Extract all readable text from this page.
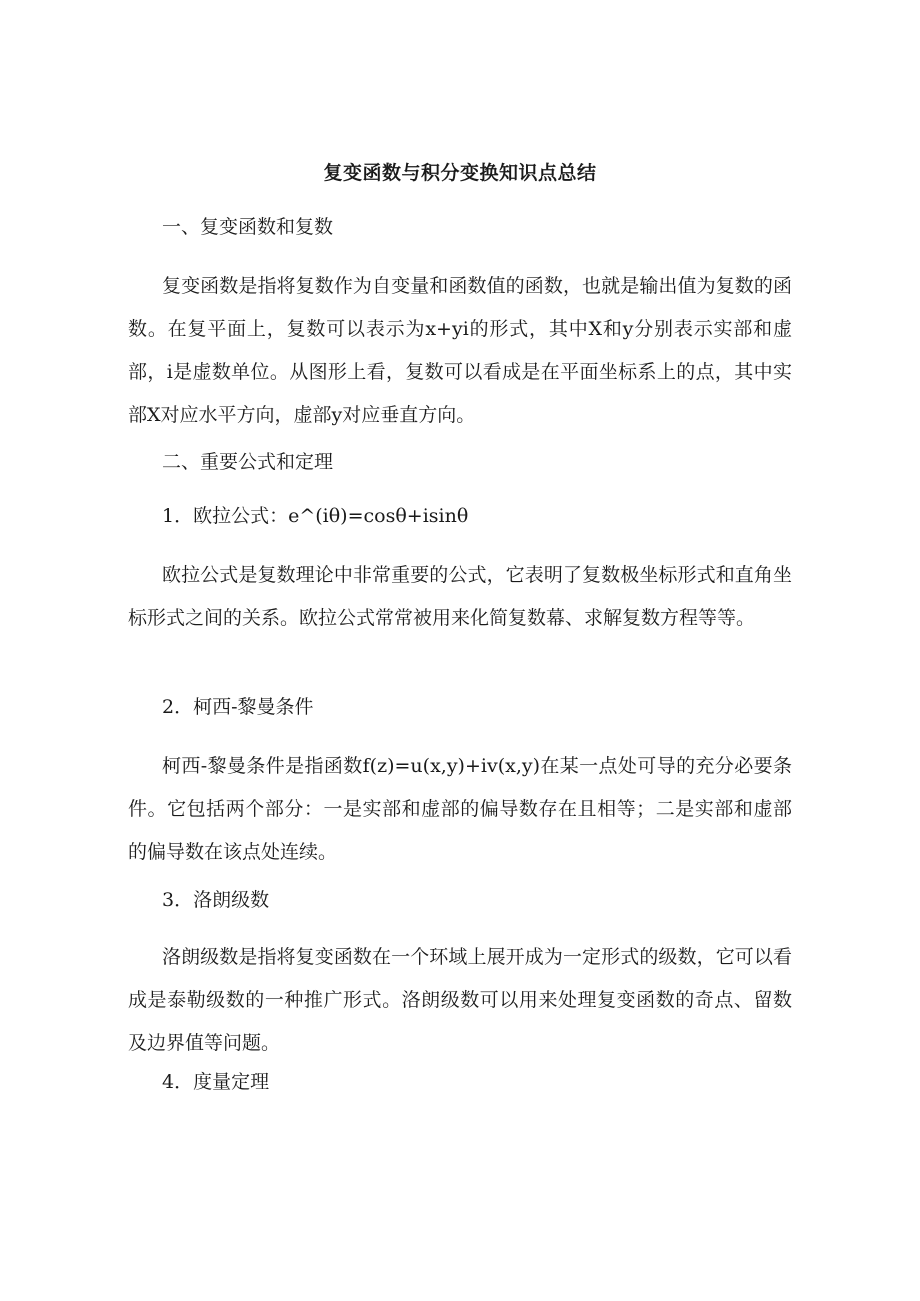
复变函数与积分变换知识点总结
一、复变函数和复数
复变函数是指将复数作为自变量和函数值的函数，也就是输出值为复数的函数。在复平面上，复数可以表示为x+yi的形式，其中X和y分别表示实部和虚部，i是虚数单位。从图形上看，复数可以看成是在平面坐标系上的点，其中实部X对应水平方向，虚部y对应垂直方向。
二、重要公式和定理
1．欧拉公式：e^(iθ)=cosθ+isinθ
欧拉公式是复数理论中非常重要的公式，它表明了复数极坐标形式和直角坐标形式之间的关系。欧拉公式常常被用来化简复数幕、求解复数方程等等。
2．柯西-黎曼条件
柯西-黎曼条件是指函数f(z)=u(x,y)+iv(x,y)在某一点处可导的充分必要条件。它包括两个部分：一是实部和虚部的偏导数存在且相等；二是实部和虚部的偏导数在该点处连续。
3．洛朗级数
洛朗级数是指将复变函数在一个环域上展开成为一定形式的级数，它可以看成是泰勒级数的一种推广形式。洛朗级数可以用来处理复变函数的奇点、留数及边界值等问题。
4．度量定理
